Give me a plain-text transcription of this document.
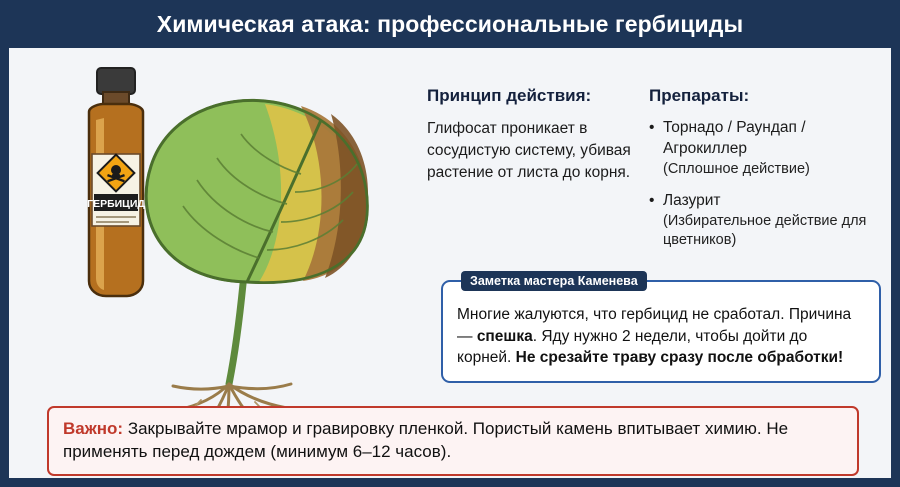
Химическая атака: профессиональные гербициды
ГЕРБИЦИД
Принцип действия:
Глифосат проникает в сосудистую систему, убивая растение от листа до корня.
Препараты:
• Торнадо / Раундап / Агрокиллер
(Сплошное действие)
• Лазурит
(Избирательное действие для цветников)
Заметка мастера Каменева
Многие жалуются, что гербицид не сработал. Причина — спешка. Яду нужно 2 недели, чтобы дойти до корней. Не срезайте траву сразу после обработки!
Важно: Закрывайте мрамор и гравировку пленкой. Пористый камень впитывает химию. Не применять перед дождем (минимум 6–12 часов).
